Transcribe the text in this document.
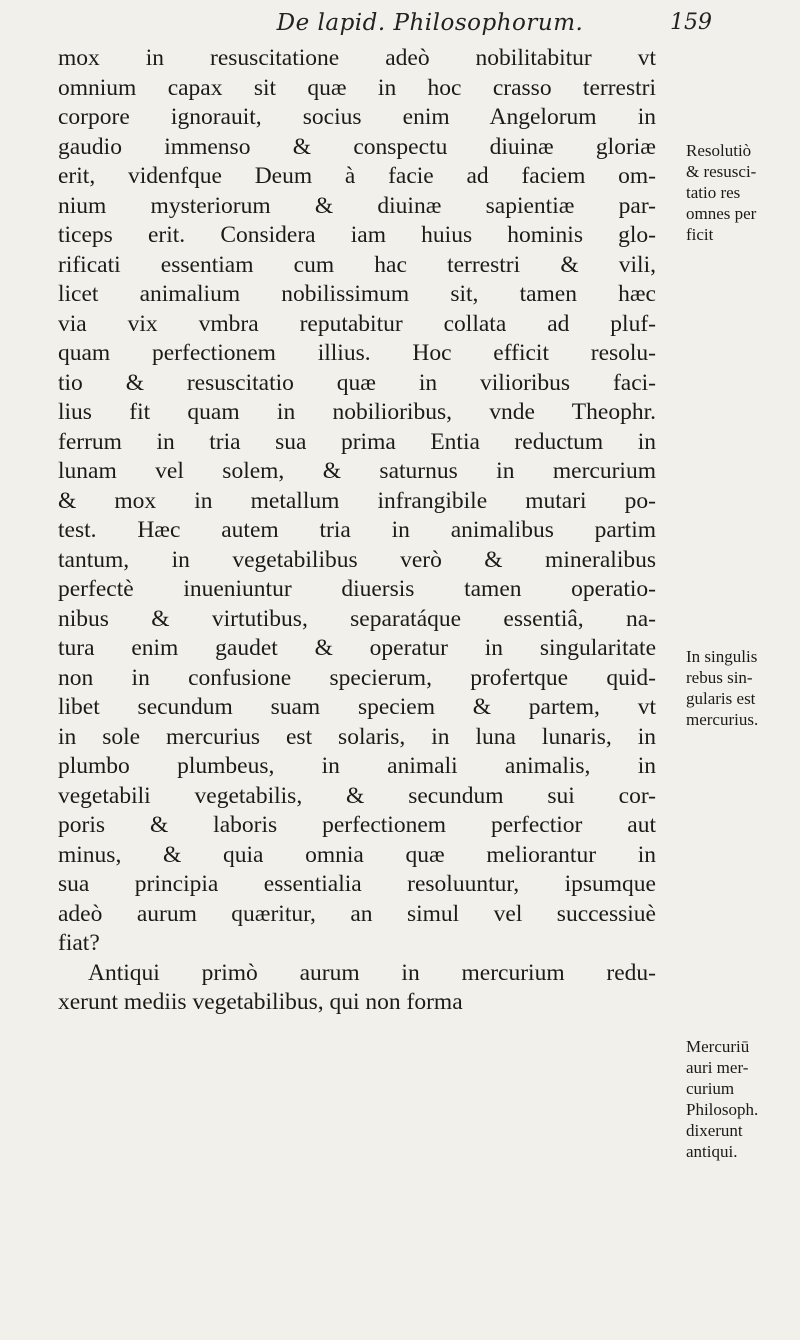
De lapid. Philosophorum.	159
mox in resuscitatione adeò nobilitabitur vt
omnium capax sit quæ in hoc crasso terrestri
corpore ignorauit, socius enim Angelorum in
gaudio immenso & conspectu diuinæ gloriæ
erit, videnfque Deum à facie ad faciem om-
nium mysteriorum & diuinæ sapientiæ par-
ticeps erit. Considera iam huius hominis glo-
rificati essentiam cum hac terrestri & vili,
licet animalium nobilissimum sit, tamen hæc
via vix vmbra reputabitur collata ad pluf-
quam perfectionem illius. Hoc efficit resolu-
tio & resuscitatio quæ in vilioribus faci-
lius fit quam in nobilioribus, vnde Theophr.
ferrum in tria sua prima Entia reductum in
lunam vel solem, & saturnus in mercurium
& mox in metallum infrangibile mutari po-
test. Hæc autem tria in animalibus partim
tantum, in vegetabilibus verò & mineralibus
perfectè inueniuntur diuersis tamen operatio-
nibus & virtutibus, separatáque essentiâ, na-
tura enim gaudet & operatur in singularitate
non in confusione specierum, profertque quid-
libet secundum suam speciem & partem, vt
in sole mercurius est solaris, in luna lunaris, in
plumbo plumbeus, in animali animalis, in
vegetabili vegetabilis, & secundum sui cor-
poris & laboris perfectionem perfectior aut
minus, & quia omnia quæ meliorantur in
sua principia essentialia resoluuntur, ipsumque
adeò aurum quæritur, an simul vel successiuè
fiat?
Antiqui primò aurum in mercurium redu-
xerunt mediis vegetabilibus, qui non forma
Resolutiò
& resusci-
tatio res
omnes per
ficit
In singulis
rebus sin-
gularis est
mercurius.
Mercuriū
auri mer-
curium
Philosoph.
dixerunt
antiqui.
